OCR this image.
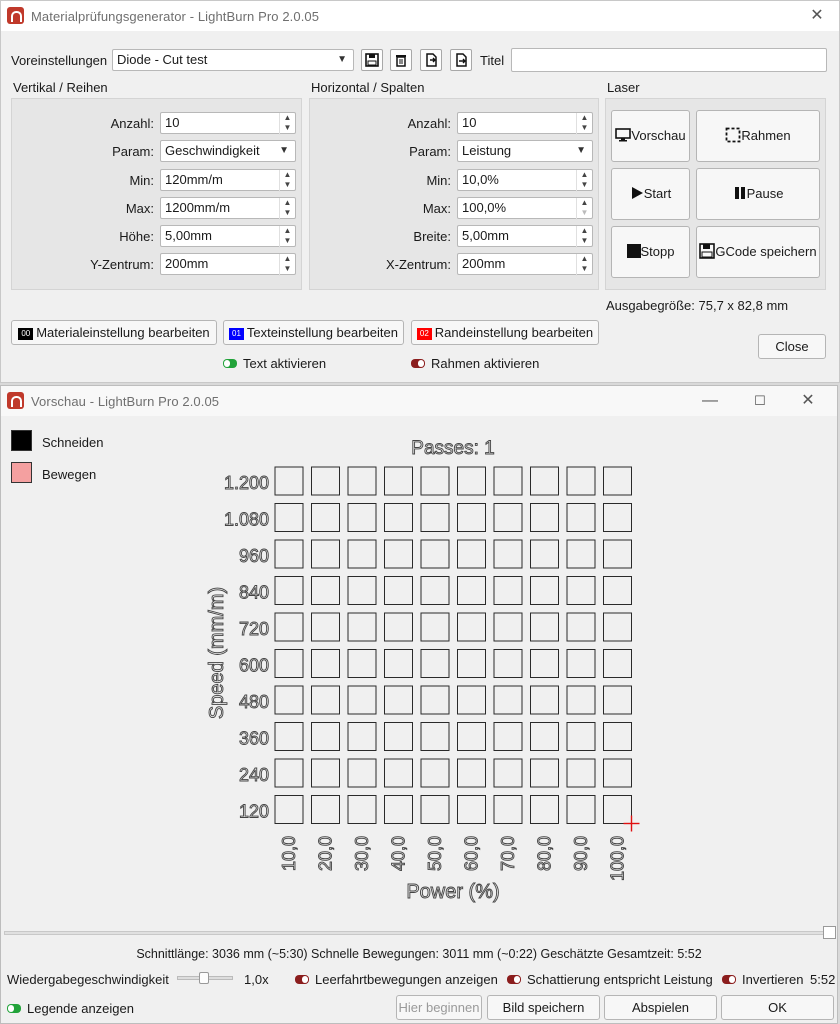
Materialprüfungsgenerator - LightBurn Pro 2.0.05	✕
Voreinstellungen Diode - Cut test	▼	Titel
Vertikal / Reihen
Anzahl: 10	▲
▼
Param: Geschwindigkeit ▼
Min: 120mm/m	▲
▼
Max: 1200mm/m	▲
▼
Höhe: 5,00mm	▲
▼
Y-Zentrum: 200mm	▲
▼
Horizontal / Spalten
Anzahl: 10	▲
▼
Param: Leistung	▼
Min: 10,0%	▲
▼
Max: 100,0%	▲
▼
Breite: 5,00mm	▲
▼
X-Zentrum: 200mm	▲
▼
Laser
Vorschau	Rahmen
Start	Pause
Stopp	GCode speichern
Ausgabegröße: 75,7 x 82,8 mm
00 Materialeinstellung bearbeiten	01 Texteinstellung bearbeiten	02 Randeinstellung bearbeiten
Text aktivieren	Rahmen aktivieren
Close
Vorschau - LightBurn Pro 2.0.05	—	☐	✕
Schneiden
Bewegen
Passes: 1
1.200
1.080
960
840
720
600
480
360
240
120
10,0 20,0 30,0 40,0 50,0 60,0 70,0 80,0 90,0 100,0
Power (%)
Speed (mm/m)
Schnittlänge: 3036 mm (~5:30) Schnelle Bewegungen: 3011 mm (~0:22) Geschätzte Gesamtzeit: 5:52
Wiedergabegeschwindigkeit	1,0x	Leerfahrtbewegungen anzeigen	Schattierung entspricht Leistung	Invertieren 5:52
Legende anzeigen	Hier beginnen	Bild speichern	Abspielen	OK
